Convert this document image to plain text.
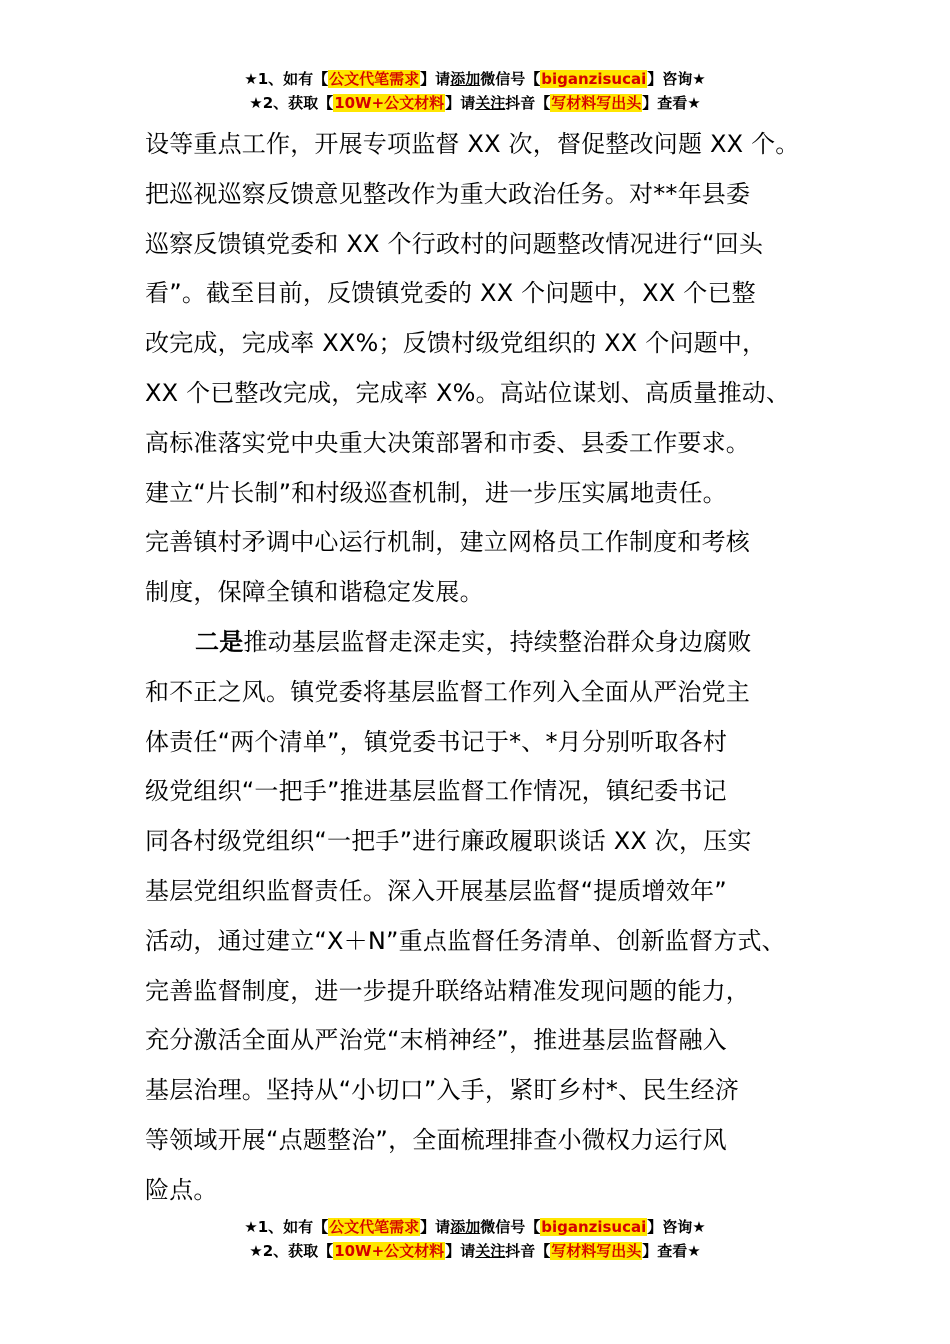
★1、如有【公文代笔需求】请添加微信号【biganzisucai】咨询★
★2、获取【10W+公文材料】请关注抖音【写材料写出头】查看★
设等重点工作，开展专项监督 XX 次，督促整改问题 XX 个。
把巡视巡察反馈意见整改作为重大政治任务。对**年县委
巡察反馈镇党委和 XX 个行政村的问题整改情况进行“回头
看”。截至目前，反馈镇党委的 XX 个问题中，XX 个已整
改完成，完成率 XX%；反馈村级党组织的 XX 个问题中，
XX 个已整改完成，完成率 X%。高站位谋划、高质量推动、
高标准落实党中央重大决策部署和市委、县委工作要求。
建立“片长制”和村级巡查机制，进一步压实属地责任。
完善镇村矛调中心运行机制，建立网格员工作制度和考核
制度，保障全镇和谐稳定发展。
二是推动基层监督走深走实，持续整治群众身边腐败
和不正之风。镇党委将基层监督工作列入全面从严治党主
体责任“两个清单”，镇党委书记于*、*月分别听取各村
级党组织“一把手”推进基层监督工作情况，镇纪委书记
同各村级党组织“一把手”进行廉政履职谈话 XX 次，压实
基层党组织监督责任。深入开展基层监督“提质增效年”
活动，通过建立“X＋N”重点监督任务清单、创新监督方式、
完善监督制度，进一步提升联络站精准发现问题的能力，
充分激活全面从严治党“末梢神经”，推进基层监督融入
基层治理。坚持从“小切口”入手，紧盯乡村*、民生经济
等领域开展“点题整治”，全面梳理排查小微权力运行风
险点。
★1、如有【公文代笔需求】请添加微信号【biganzisucai】咨询★
★2、获取【10W+公文材料】请关注抖音【写材料写出头】查看★
